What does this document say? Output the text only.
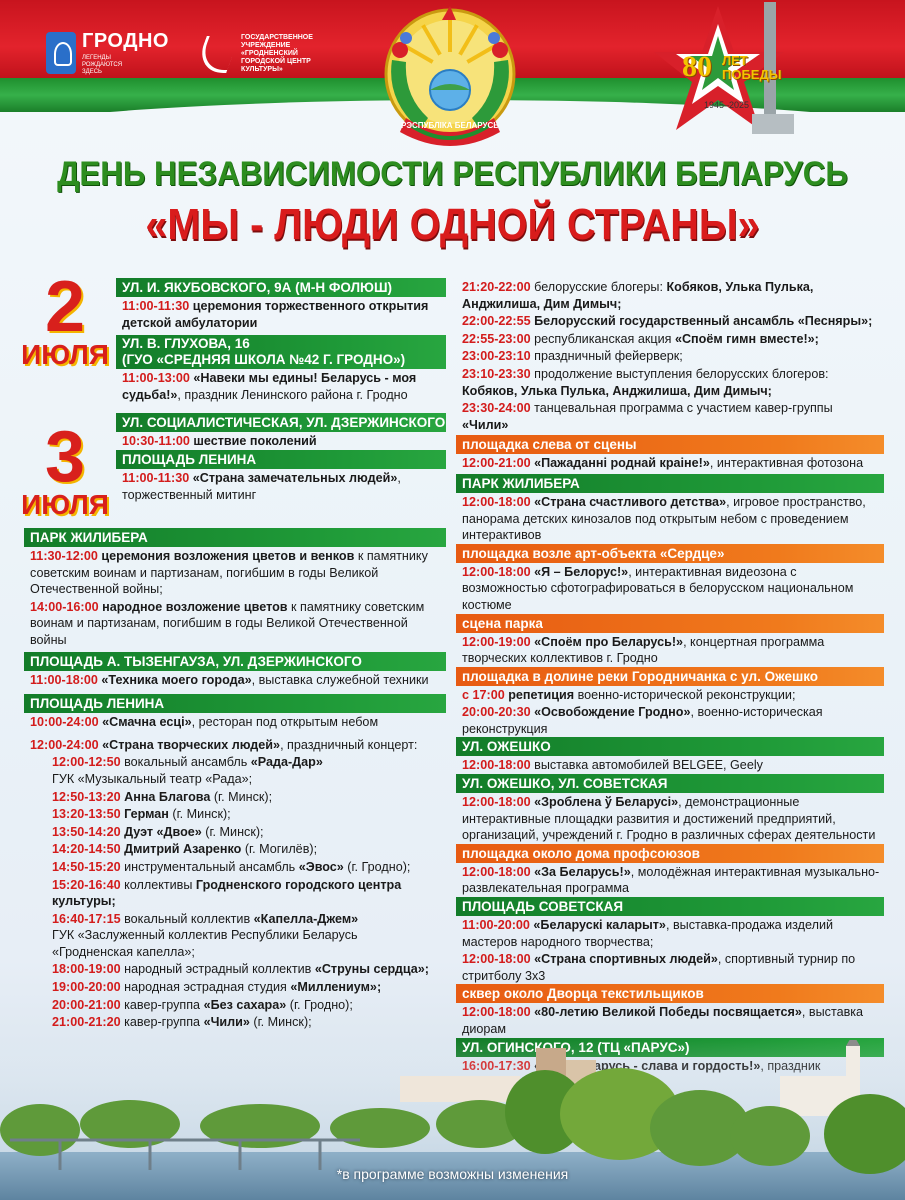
ГРОДНО
ЛЕГЕНДЫ РОЖДАЮТСЯ ЗДЕСЬ
ГОСУДАРСТВЕННОЕ УЧРЕЖДЕНИЕ «ГРОДНЕНСКИЙ ГОРОДСКОЙ ЦЕНТР КУЛЬТУРЫ»
РЭСПУБЛІКА БЕЛАРУСЬ
80 ЛЕТ
ПОБЕДЫ
1945–2025
ДЕНЬ НЕЗАВИСИМОСТИ РЕСПУБЛИКИ БЕЛАРУСЬ
«МЫ - ЛЮДИ ОДНОЙ СТРАНЫ»
2
ИЮЛЯ
3
ИЮЛЯ
УЛ. И. ЯКУБОВСКОГО, 9А (М-Н ФОЛЮШ)
11:00-11:30 церемония торжественного открытия детской амбулатории
УЛ. В. ГЛУХОВА, 16
(ГУО «СРЕДНЯЯ ШКОЛА №42 Г. ГРОДНО»)
11:00-13:00 «Навеки мы едины! Беларусь - моя судьба!», праздник Ленинского района г. Гродно
УЛ. СОЦИАЛИСТИЧЕСКАЯ, УЛ. ДЗЕРЖИНСКОГО
10:30-11:00 шествие поколений
ПЛОЩАДЬ ЛЕНИНА
11:00-11:30 «Страна замечательных людей», торжественный митинг
ПАРК ЖИЛИБЕРА
11:30-12:00 церемония возложения цветов и венков к памятнику советским воинам и партизанам, погибшим в годы Великой Отечественной войны;
14:00-16:00 народное возложение цветов к памятнику советским воинам и партизанам, погибшим в годы Великой Отечественной войны
ПЛОЩАДЬ А. ТЫЗЕНГАУЗА, УЛ. ДЗЕРЖИНСКОГО
11:00-18:00 «Техника моего города», выставка служебной техники
ПЛОЩАДЬ ЛЕНИНА
10:00-24:00 «Смачна есці», ресторан под открытым небом
12:00-24:00 «Страна творческих людей», праздничный концерт:
12:00-12:50 вокальный ансамбль «Рада-Дар»
ГУК «Музыкальный театр «Рада»;
12:50-13:20 Анна Благова (г. Минск);
13:20-13:50 Герман (г. Минск);
13:50-14:20 Дуэт «Двое» (г. Минск);
14:20-14:50 Дмитрий Азаренко (г. Могилёв);
14:50-15:20 инструментальный ансамбль «Эвос» (г. Гродно);
15:20-16:40 коллективы Гродненского городского центра культуры;
16:40-17:15 вокальный коллектив «Капелла-Джем»
ГУК «Заслуженный коллектив Республики Беларусь «Гродненская капелла»;
18:00-19:00 народный эстрадный коллектив «Струны сердца»;
19:00-20:00 народная эстрадная студия «Миллениум»;
20:00-21:00 кавер-группа «Без сахара» (г. Гродно);
21:00-21:20 кавер-группа «Чили» (г. Минск);
21:20-22:00 белорусские блогеры: Кобяков, Улька Пулька, Анджилиша, Дим Димыч;
22:00-22:55 Белорусский государственный ансамбль «Песняры»;
22:55-23:00 республиканская акция «Споём гимн вместе!»;
23:00-23:10 праздничный фейерверк;
23:10-23:30 продолжение выступления белорусских блогеров:
Кобяков, Улька Пулька, Анджилиша, Дим Димыч;
23:30-24:00 танцевальная программа с участием кавер-группы «Чили»
площадка слева от сцены
12:00-21:00 «Пажаданні роднай краіне!», интерактивная фотозона
ПАРК ЖИЛИБЕРА
12:00-18:00 «Страна счастливого детства», игровое пространство, панорама детских кинозалов под открытым небом с проведением интерактивов
площадка возле арт-объекта «Сердце»
12:00-18:00 «Я – Белорус!», интерактивная видеозона с возможностью сфотографироваться в белорусском национальном костюме
сцена парка
12:00-19:00 «Споём про Беларусь!», концертная программа творческих коллективов г. Гродно
площадка в долине реки Городничанка с ул. Ожешко
с 17:00 репетиция военно-исторической реконструкции;
20:00-20:30 «Освобождение Гродно», военно-историческая реконструкция
УЛ. ОЖЕШКО
12:00-18:00 выставка автомобилей BELGEE, Geely
УЛ. ОЖЕШКО, УЛ. СОВЕТСКАЯ
12:00-18:00 «Зроблена ў Беларусі», демонстрационные интерактивные площадки развития и достижений предприятий, организаций, учреждений г. Гродно в различных сферах деятельности
площадка около дома профсоюзов
12:00-18:00 «За Беларусь!», молодёжная интерактивная музыкально-развлекательная программа
ПЛОЩАДЬ СОВЕТСКАЯ
11:00-20:00 «Беларускі каларыт», выставка-продажа изделий мастеров народного творчества;
12:00-18:00 «Страна спортивных людей», спортивный турнир по стритболу 3х3
сквер около Дворца текстильщиков
12:00-18:00 «80-летию Великой Победы посвящается», выставка диорам
*в программе возможны изменения
